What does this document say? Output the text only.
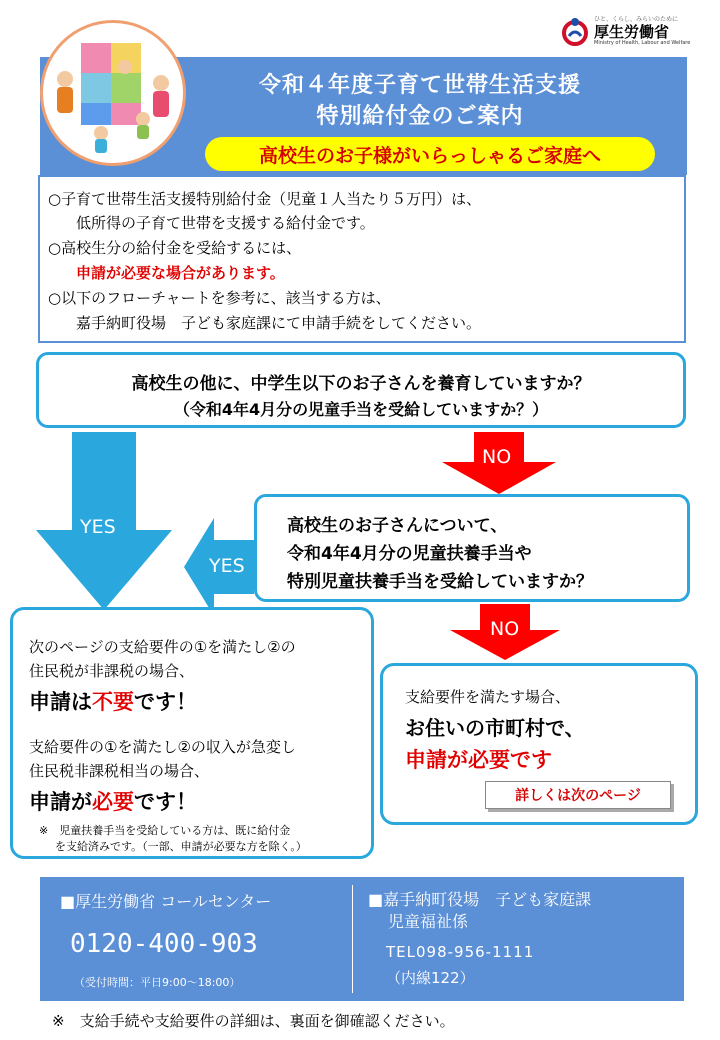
ひと、くらし、みらいのために
厚生労働省
Ministry of Health, Labour and Welfare
令和４年度子育て世帯生活支援
特別給付金のご案内
高校生のお子様がいらっしゃるご家庭へ
○子育て世帯生活支援特別給付金（児童１人当たり５万円）は、
低所得の子育て世帯を支援する給付金です。
○高校生分の給付金を受給するには、
申請が必要な場合があります。
○以下のフローチャートを参考に、該当する方は、
嘉手納町役場　子ども家庭課にて申請手続をしてください。
高校生の他に、中学生以下のお子さんを養育していますか？
（令和4年4月分の児童手当を受給していますか？）
YES
YES
NO
NO
高校生のお子さんについて、
令和4年4月分の児童扶養手当や
特別児童扶養手当を受給していますか？
次のページの支給要件の①を満たし②の
住民税が非課税の場合、
申請は不要です！
支給要件の①を満たし②の収入が急変し
住民税非課税相当の場合、
申請が必要です！
※　児童扶養手当を受給している方は、既に給付金
を支給済みです。（一部、申請が必要な方を除く。）
支給要件を満たす場合、
お住いの市町村で、
申請が必要です
詳しくは次のページ
■厚生労働省 コールセンター
0120-400-903
（受付時間：平日9:00～18:00）
■嘉手納町役場　子ども家庭課
児童福祉係
TEL098-956-1111
（内線122）
※　支給手続や支給要件の詳細は、裏面を御確認ください。
